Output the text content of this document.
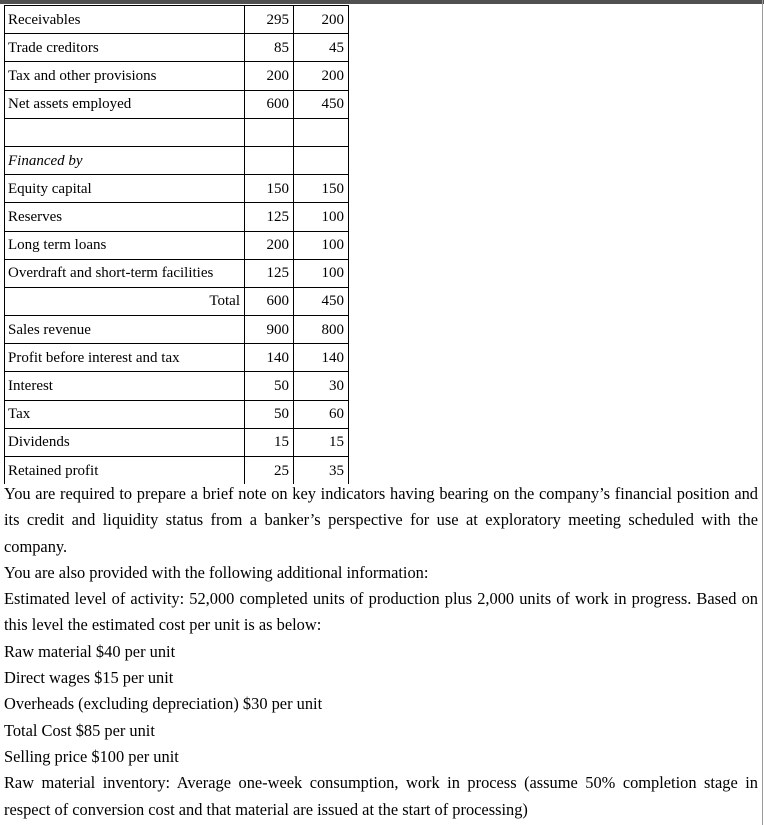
Receivables	295	200
Trade creditors	85	45
Tax and other provisions	200	200
Net assets employed	600	450

Financed by		
Equity capital	150	150
Reserves	125	100
Long term loans	200	100
Overdraft and short-term facilities	125	100
Total	600	450
Sales revenue	900	800
Profit before interest and tax	140	140
Interest	50	30
Tax	50	60
Dividends	15	15
Retained profit	25	35

You are required to prepare a brief note on key indicators having bearing on the company’s financial position and its credit and liquidity status from a banker’s perspective for use at exploratory meeting scheduled with the company.

You are also provided with the following additional information:

Estimated level of activity: 52,000 completed units of production plus 2,000 units of work in progress. Based on this level the estimated cost per unit is as below:

Raw material $40 per unit

Direct wages $15 per unit

Overheads (excluding depreciation) $30 per unit

Total Cost $85 per unit

Selling price $100 per unit

Raw material inventory: Average one-week consumption, work in process (assume 50% completion stage in respect of conversion cost and that material are issued at the start of processing)
